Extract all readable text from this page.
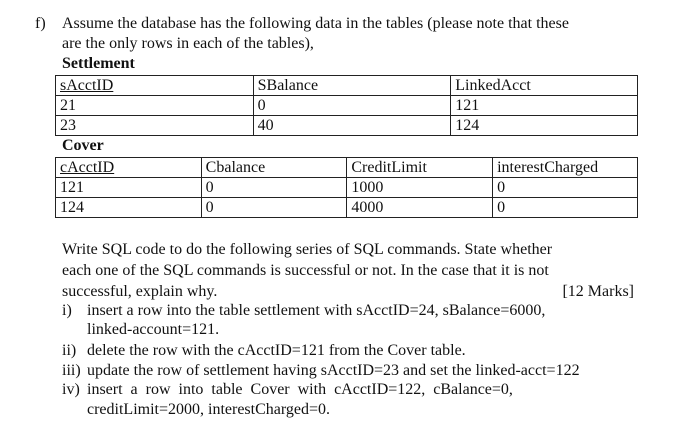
f) Assume the database has the following data in the tables (please note that these
are the only rows in each of the tables),
Settlement
sAcctID	SBalance	LinkedAcct
21	0	121
23	40	124
Cover
cAcctID	Cbalance	CreditLimit	interestCharged
121	0	1000	0
124	0	4000	0
Write SQL code to do the following series of SQL commands. State whether
each one of the SQL commands is successful or not. In the case that it is not
successful, explain why.	[12 Marks]
i) insert a row into the table settlement with sAcctID=24, sBalance=6000,
linked-account=121.
ii) delete the row with the cAcctID=121 from the Cover table.
iii) update the row of settlement having sAcctID=23 and set the linked-acct=122
iv) insert  a  row  into  table  Cover  with  cAcctID=122,  cBalance=0,
creditLimit=2000, interestCharged=0.
